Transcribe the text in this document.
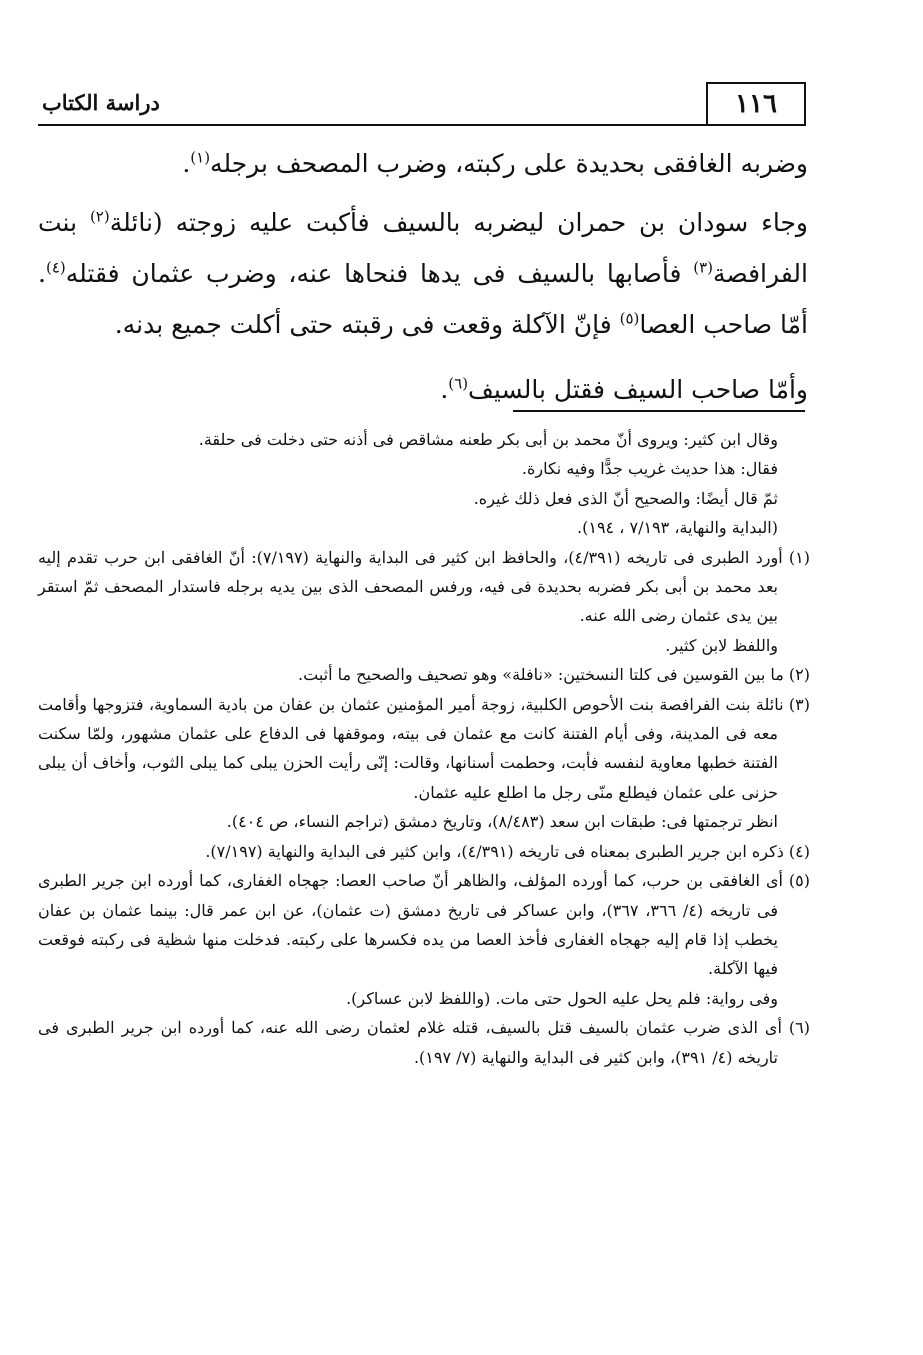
١١٦
دراسة الكتاب

وضربه الغافقى بحديدة على ركبته، وضرب المصحف برجله$^{(١)}$.

وجاء سودان بن حمران ليضربه بالسيف فأكبت عليه زوجته (نائلة$^{(٢)}$ بنت الفرافصة$^{(٣)}$ فأصابها بالسيف فى يدها فنحاها عنه، وضرب عثمان فقتله$^{(٤)}$. أمّا صاحب العصا$^{(٥)}$ فإنّ الآكلة وقعت فى رقبته حتى أكلت جميع بدنه.

وأمّا صاحب السيف فقتل بالسيف$^{(٦)}$.

وقال ابن كثير: ويروى أنّ محمد بن أبى بكر طعنه مشاقص فى أذنه حتى دخلت فى حلقة.

فقال: هذا حديث غريب جدًّا وفيه نكارة.

ثمّ قال أيضًا: والصحيح أنّ الذى فعل ذلك غيره.

(البداية والنهاية، ٧/١٩٣ ، ١٩٤).

(١) أورد الطبرى فى تاريخه (٤/٣٩١)، والحافظ ابن كثير فى البداية والنهاية (٧/١٩٧): أنّ الغافقى ابن حرب تقدم إليه بعد محمد بن أبى بكر فضربه بحديدة فى فيه، ورفس المصحف الذى بين يديه برجله فاستدار المصحف ثمّ استقر بين يدى عثمان رضى الله عنه.

واللفظ لابن كثير.

(٢) ما بين القوسين فى كلتا النسختين: «نافلة» وهو تصحيف والصحيح ما أثبت.

(٣) نائلة بنت الفرافصة بنت الأحوص الكلبية، زوجة أمير المؤمنين عثمان بن عفان من بادية السماوية، فتزوجها وأقامت معه فى المدينة، وفى أيام الفتنة كانت مع عثمان فى بيته، وموقفها فى الدفاع على عثمان مشهور، ولمّا سكنت الفتنة خطبها معاوية لنفسه فأبت، وحطمت أسنانها، وقالت: إنّى رأيت الحزن يبلى كما يبلى الثوب، وأخاف أن يبلى حزنى على عثمان فيطلع منّى رجل ما اطلع عليه عثمان.

انظر ترجمتها فى: طبقات ابن سعد (٨/٤٨٣)، وتاريخ دمشق (تراجم النساء، ص ٤٠٤).

(٤) ذكره ابن جرير الطبرى بمعناه فى تاريخه (٤/٣٩١)، وابن كثير فى البداية والنهاية (٧/١٩٧).

(٥) أى الغافقى بن حرب، كما أورده المؤلف، والظاهر أنّ صاحب العصا: جهجاه الغفارى، كما أورده ابن جرير الطبرى فى تاريخه (٤/ ٣٦٦، ٣٦٧)، وابن عساكر فى تاريخ دمشق (ت عثمان)، عن ابن عمر قال: بينما عثمان بن عفان يخطب إذا قام إليه جهجاه الغفارى فأخذ العصا من يده فكسرها على ركبته. فدخلت منها شظية فى ركبته فوقعت فيها الآكلة.

وفى رواية: فلم يحل عليه الحول حتى مات. (واللفظ لابن عساكر).

(٦) أى الذى ضرب عثمان بالسيف قتل بالسيف، قتله غلام لعثمان رضى الله عنه، كما أورده ابن جرير الطبرى فى تاريخه (٤/ ٣٩١)، وابن كثير فى البداية والنهاية (٧/ ١٩٧).
